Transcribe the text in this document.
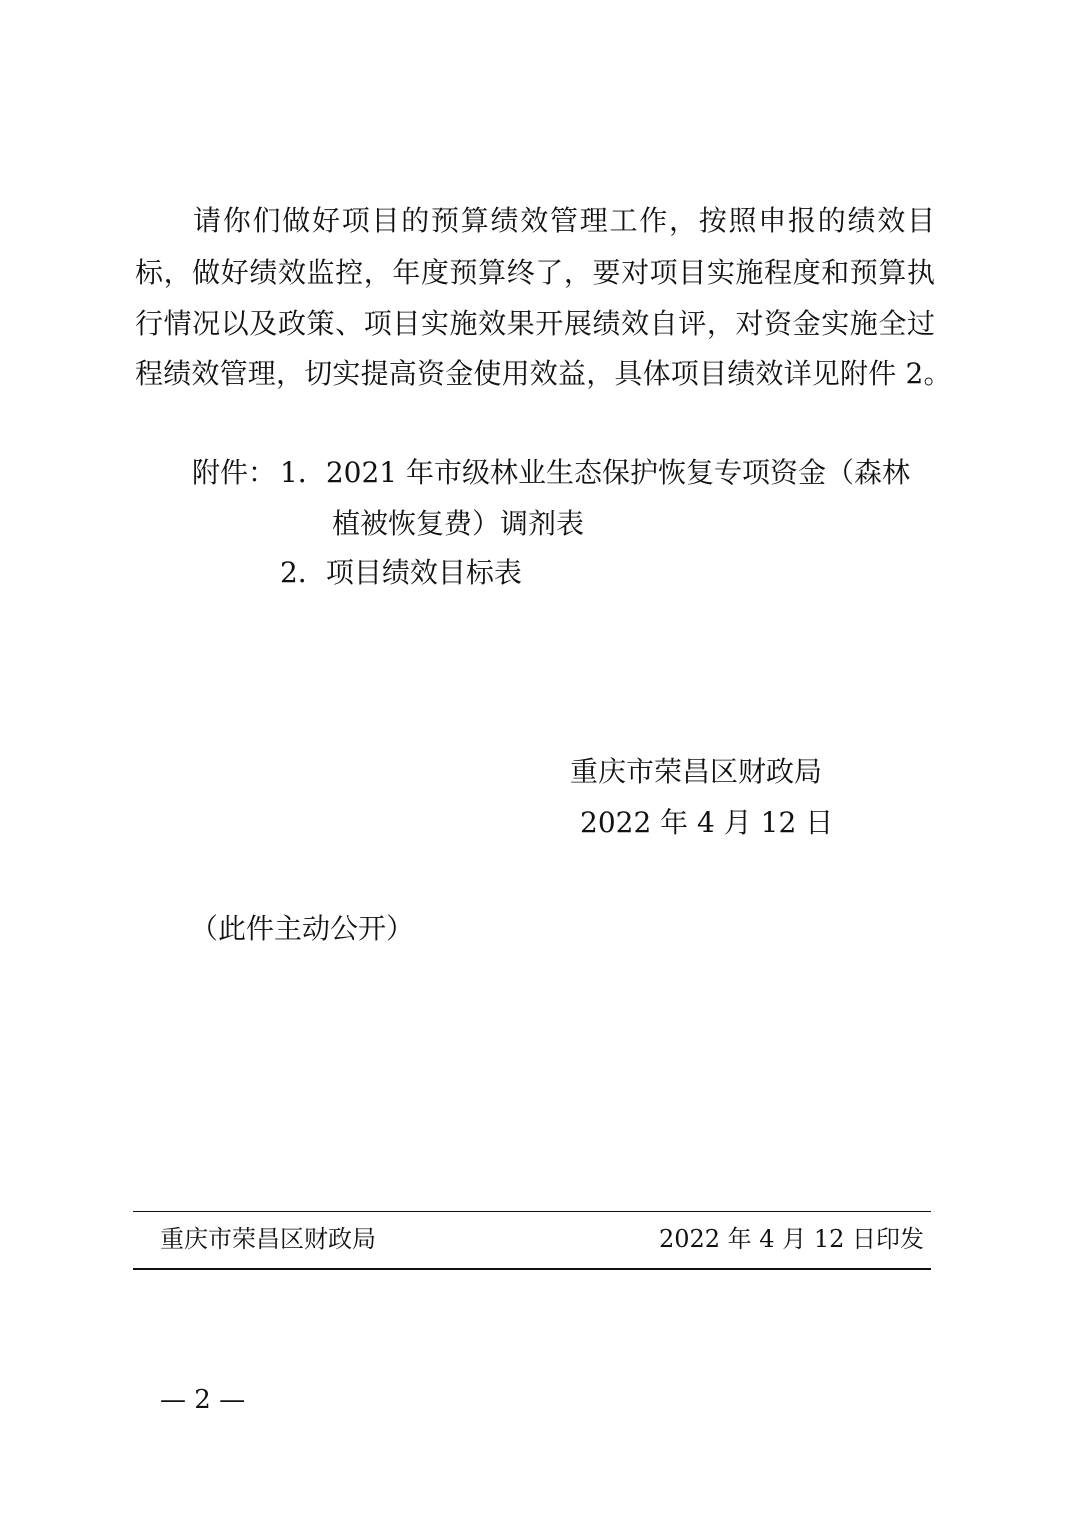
请你们做好项目的预算绩效管理工作，按照申报的绩效目
标，做好绩效监控，年度预算终了，要对项目实施程度和预算执
行情况以及政策、项目实施效果开展绩效自评，对资金实施全过
程绩效管理，切实提高资金使用效益，具体项目绩效详见附件 2。
附件： 1．2021 年市级林业生态保护恢复专项资金（森林
植被恢复费）调剂表
2．项目绩效目标表
重庆市荣昌区财政局
2022 年 4 月 12 日
（此件主动公开）
重庆市荣昌区财政局	2022 年 4 月 12 日印发
— 2 —
